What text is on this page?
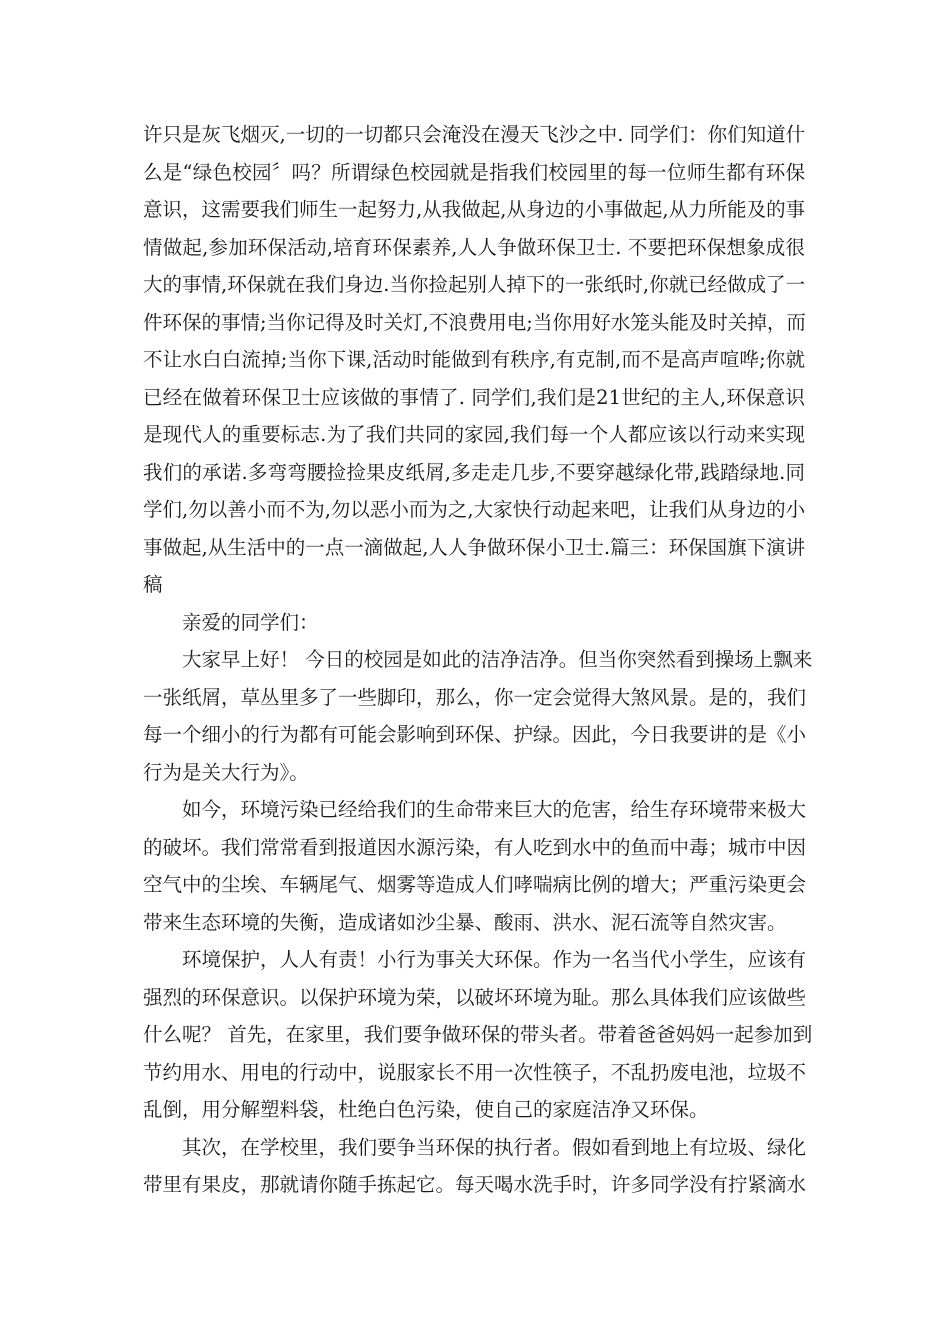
许只是灰飞烟灭,一切的一切都只会淹没在漫天飞沙之中. 同学们：你们知道什
么是“绿色校园〞吗？所谓绿色校园就是指我们校园里的每一位师生都有环保
意识，这需要我们师生一起努力,从我做起,从身边的小事做起,从力所能及的事
情做起,参加环保活动,培育环保素养,人人争做环保卫士. 不要把环保想象成很
大的事情,环保就在我们身边.当你捡起别人掉下的一张纸时,你就已经做成了一
件环保的事情;当你记得及时关灯,不浪费用电;当你用好水笼头能及时关掉，而
不让水白白流掉;当你下课,活动时能做到有秩序,有克制,而不是高声喧哗;你就
已经在做着环保卫士应该做的事情了. 同学们,我们是21世纪的主人,环保意识
是现代人的重要标志.为了我们共同的家园,我们每一个人都应该以行动来实现
我们的承诺.多弯弯腰捡捡果皮纸屑,多走走几步,不要穿越绿化带,践踏绿地.同
学们,勿以善小而不为,勿以恶小而为之,大家快行动起来吧，让我们从身边的小
事做起,从生活中的一点一滴做起,人人争做环保小卫士.篇三：环保国旗下演讲
稿
亲爱的同学们：
大家早上好！ 今日的校园是如此的洁净洁净。但当你突然看到操场上飘来
一张纸屑，草丛里多了一些脚印，那么，你一定会觉得大煞风景。是的，我们
每一个细小的行为都有可能会影响到环保、护绿。因此，今日我要讲的是《小
行为是关大行为》。
如今，环境污染已经给我们的生命带来巨大的危害，给生存环境带来极大
的破坏。我们常常看到报道因水源污染，有人吃到水中的鱼而中毒；城市中因
空气中的尘埃、车辆尾气、烟雾等造成人们哮喘病比例的增大；严重污染更会
带来生态环境的失衡，造成诸如沙尘暴、酸雨、洪水、泥石流等自然灾害。
环境保护，人人有责！小行为事关大环保。作为一名当代小学生，应该有
强烈的环保意识。以保护环境为荣，以破坏环境为耻。那么具体我们应该做些
什么呢？ 首先，在家里，我们要争做环保的带头者。带着爸爸妈妈一起参加到
节约用水、用电的行动中，说服家长不用一次性筷子，不乱扔废电池，垃圾不
乱倒，用分解塑料袋，杜绝白色污染，使自己的家庭洁净又环保。
其次，在学校里，我们要争当环保的执行者。假如看到地上有垃圾、绿化
带里有果皮，那就请你随手拣起它。每天喝水洗手时，许多同学没有拧紧滴水
